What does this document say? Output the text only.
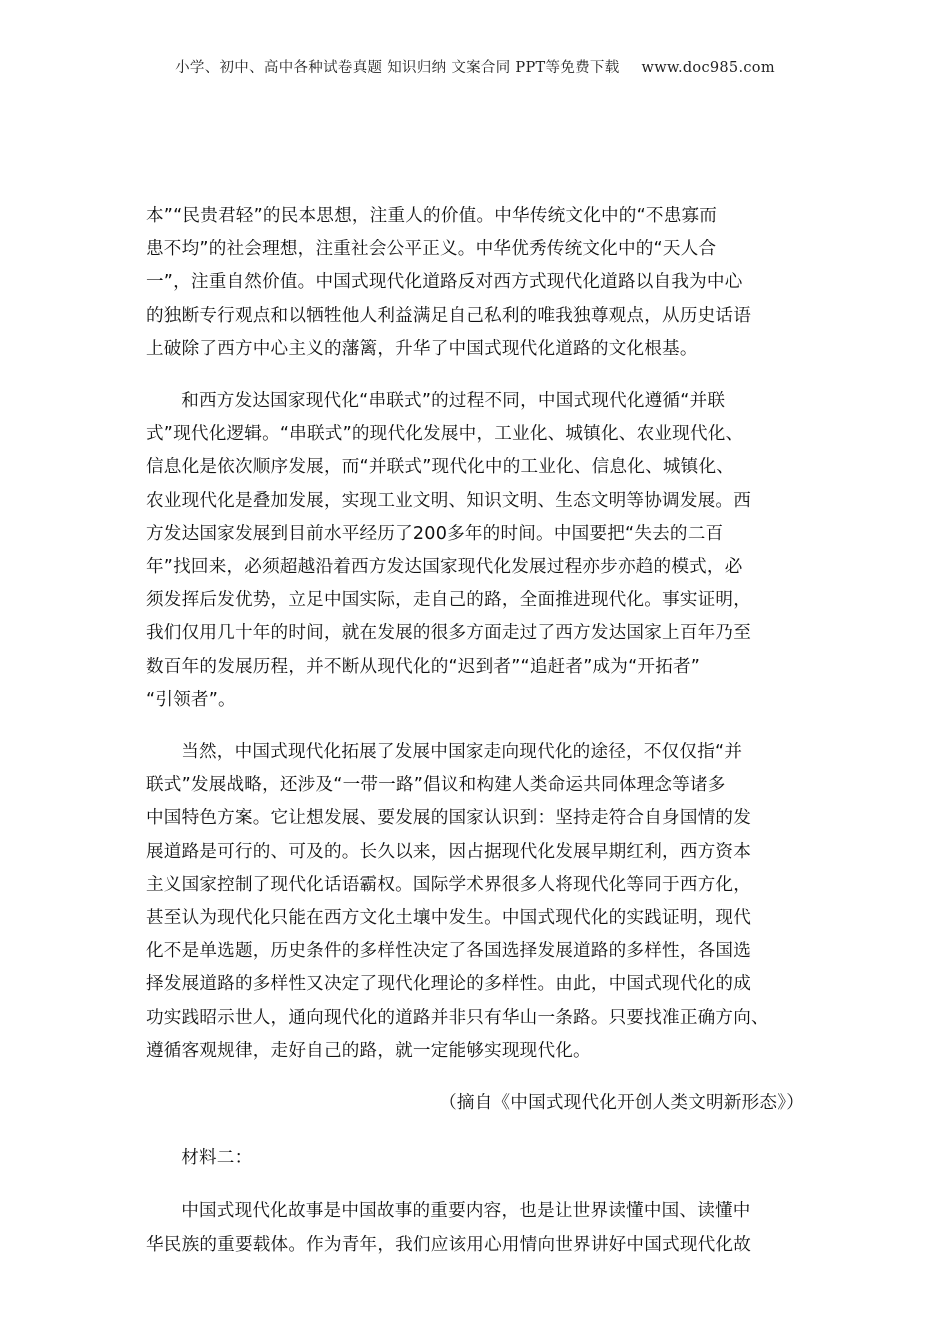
小学、初中、高中各种试卷真题 知识归纳 文案合同 PPT等免费下载 www.doc985.com

本”“民贵君轻”的民本思想，注重人的价值。中华传统文化中的“不患寡而
患不均”的社会理想，注重社会公平正义。中华优秀传统文化中的“天人合
一”，注重自然价值。中国式现代化道路反对西方式现代化道路以自我为中心
的独断专行观点和以牺牲他人利益满足自己私利的唯我独尊观点，从历史话语
上破除了西方中心主义的藩篱，升华了中国式现代化道路的文化根基。

和西方发达国家现代化“串联式”的过程不同，中国式现代化遵循“并联
式”现代化逻辑。“串联式”的现代化发展中，工业化、城镇化、农业现代化、
信息化是依次顺序发展，而“并联式”现代化中的工业化、信息化、城镇化、
农业现代化是叠加发展，实现工业文明、知识文明、生态文明等协调发展。西
方发达国家发展到目前水平经历了200多年的时间。中国要把“失去的二百
年”找回来，必须超越沿着西方发达国家现代化发展过程亦步亦趋的模式，必
须发挥后发优势，立足中国实际，走自己的路，全面推进现代化。事实证明，
我们仅用几十年的时间，就在发展的很多方面走过了西方发达国家上百年乃至
数百年的发展历程，并不断从现代化的“迟到者”“追赶者”成为“开拓者”
“引领者”。

当然，中国式现代化拓展了发展中国家走向现代化的途径，不仅仅指“并
联式”发展战略，还涉及“一带一路”倡议和构建人类命运共同体理念等诸多
中国特色方案。它让想发展、要发展的国家认识到：坚持走符合自身国情的发
展道路是可行的、可及的。长久以来，因占据现代化发展早期红利，西方资本
主义国家控制了现代化话语霸权。国际学术界很多人将现代化等同于西方化，
甚至认为现代化只能在西方文化土壤中发生。中国式现代化的实践证明，现代
化不是单选题，历史条件的多样性决定了各国选择发展道路的多样性，各国选
择发展道路的多样性又决定了现代化理论的多样性。由此，中国式现代化的成
功实践昭示世人，通向现代化的道路并非只有华山一条路。只要找准正确方向、
遵循客观规律，走好自己的路，就一定能够实现现代化。

（摘自《中国式现代化开创人类文明新形态》）

材料二：

中国式现代化故事是中国故事的重要内容，也是让世界读懂中国、读懂中
华民族的重要载体。作为青年，我们应该用心用情向世界讲好中国式现代化故
